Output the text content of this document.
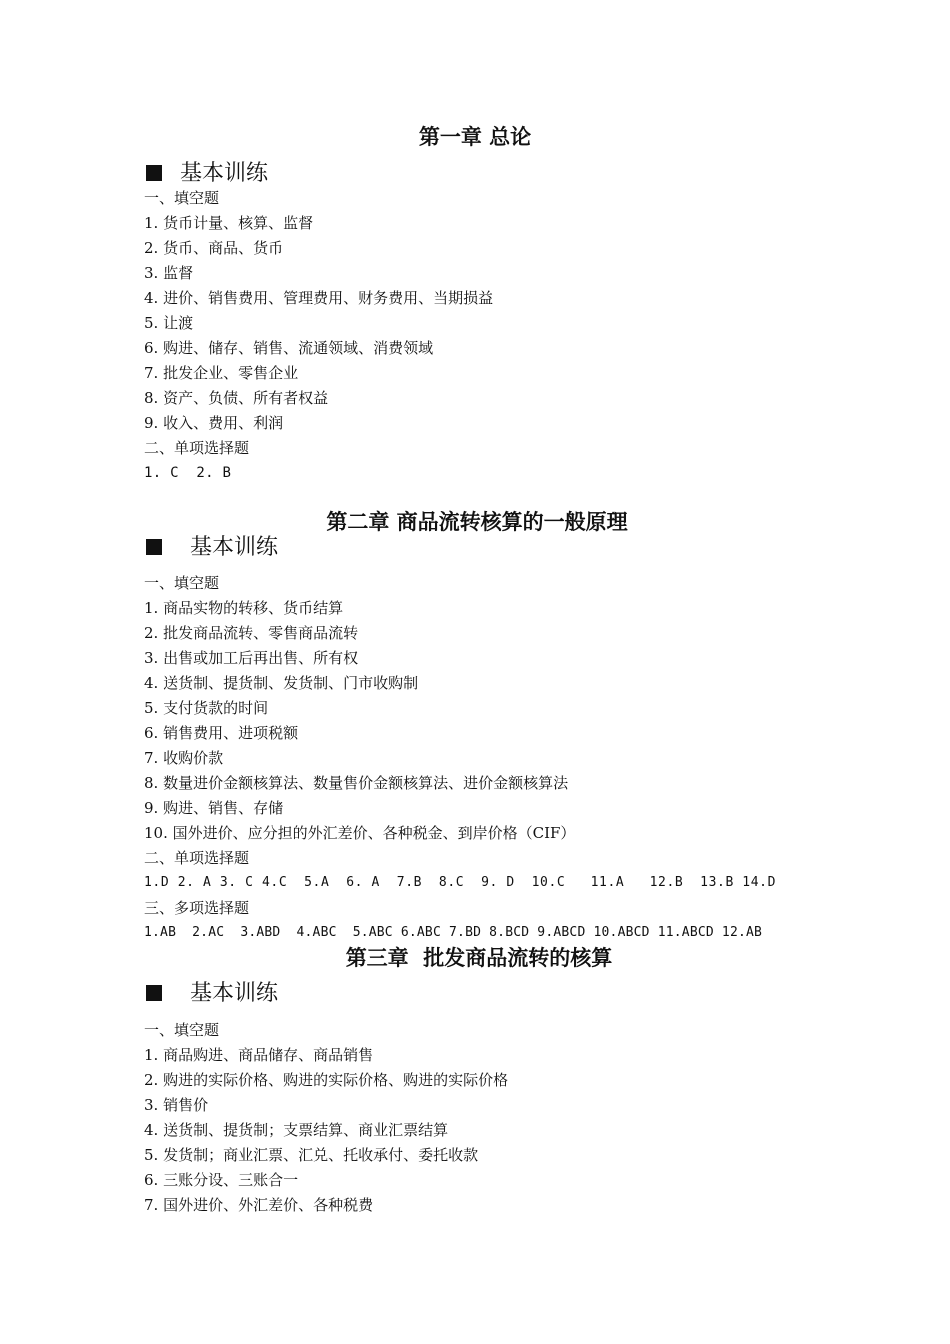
第一章 总论
基本训练
一、填空题
1. 货币计量、核算、监督
2. 货币、商品、货币
3. 监督
4. 进价、销售费用、管理费用、财务费用、当期损益
5. 让渡
6. 购进、储存、销售、流通领域、消费领域
7. 批发企业、零售企业
8. 资产、负债、所有者权益
9. 收入、费用、利润
二、单项选择题
1. C  2. B
第二章 商品流转核算的一般原理
基本训练
一、填空题
1. 商品实物的转移、货币结算
2. 批发商品流转、零售商品流转
3. 出售或加工后再出售、所有权
4. 送货制、提货制、发货制、门市收购制
5. 支付货款的时间
6. 销售费用、进项税额
7. 收购价款
8. 数量进价金额核算法、数量售价金额核算法、进价金额核算法
9. 购进、销售、存储
10. 国外进价、应分担的外汇差价、各种税金、到岸价格（CIF）
二、单项选择题
1.D 2. A 3. C 4.C  5.A  6. A  7.B  8.C  9. D  10.C   11.A   12.B  13.B 14.D
三、多项选择题
1.AB  2.AC  3.ABD  4.ABC  5.ABC 6.ABC 7.BD 8.BCD 9.ABCD 10.ABCD 11.ABCD 12.AB
第三章  批发商品流转的核算
基本训练
一、填空题
1. 商品购进、商品储存、商品销售
2. 购进的实际价格、购进的实际价格、购进的实际价格
3. 销售价
4. 送货制、提货制；支票结算、商业汇票结算
5. 发货制；商业汇票、汇兑、托收承付、委托收款
6. 三账分设、三账合一
7. 国外进价、外汇差价、各种税费
